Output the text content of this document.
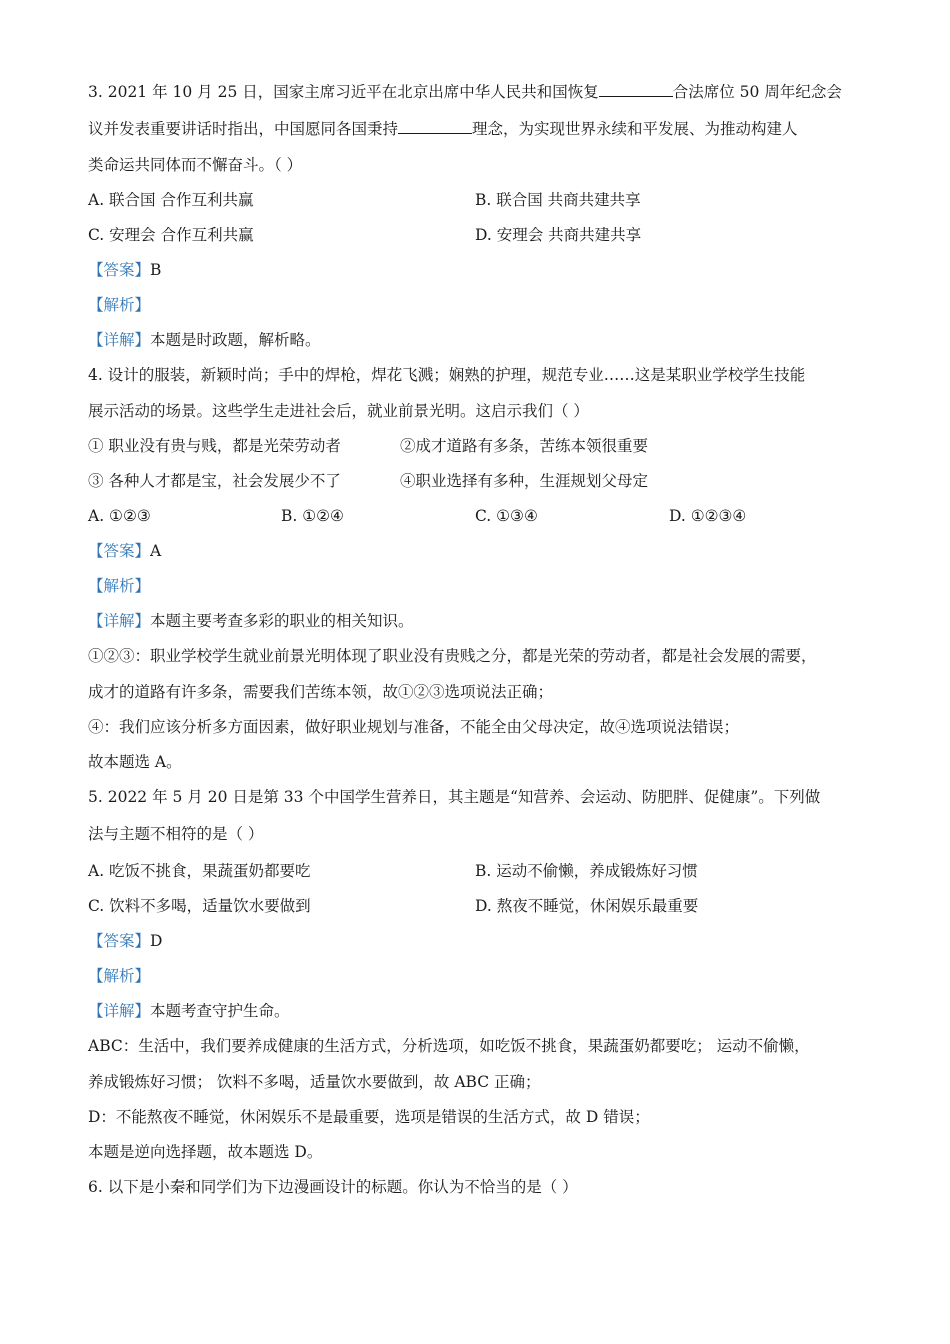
3. 2021 年 10 月 25 日，国家主席习近平在北京出席中华人民共和国恢复	合法席位 50 周年纪念会
议并发表重要讲话时指出，中国愿同各国秉持	理念，为实现世界永续和平发展、为推动构建人
类命运共同体而不懈奋斗。（ ）
A. 联合国 合作互利共赢	B. 联合国 共商共建共享
C. 安理会 合作互利共赢	D. 安理会 共商共建共享
【答案】B
【解析】
【详解】本题是时政题，解析略。
4. 设计的服装，新颖时尚；手中的焊枪，焊花飞溅；娴熟的护理，规范专业……这是某职业学校学生技能
展示活动的场景。这些学生走进社会后，就业前景光明。这启示我们（ ）
① 职业没有贵与贱，都是光荣劳动者	②成才道路有多条，苦练本领很重要
③ 各种人才都是宝，社会发展少不了	④职业选择有多种，生涯规划父母定
A. ①②③	B. ①②④	C. ①③④	D. ①②③④
【答案】A
【解析】
【详解】本题主要考查多彩的职业的相关知识。
①②③：职业学校学生就业前景光明体现了职业没有贵贱之分，都是光荣的劳动者，都是社会发展的需要，
成才的道路有许多条，需要我们苦练本领，故①②③选项说法正确；
④：我们应该分析多方面因素，做好职业规划与准备，不能全由父母决定，故④选项说法错误；
故本题选 A。
5. 2022 年 5 月 20 日是第 33 个中国学生营养日，其主题是“知营养、会运动、防肥胖、促健康”。下列做
法与主题不相符的是（ ）
A. 吃饭不挑食，果蔬蛋奶都要吃	B. 运动不偷懒，养成锻炼好习惯
C. 饮料不多喝，适量饮水要做到	D. 熬夜不睡觉，休闲娱乐最重要
【答案】D
【解析】
【详解】本题考查守护生命。
ABC：生活中，我们要养成健康的生活方式，分析选项，如吃饭不挑食，果蔬蛋奶都要吃； 运动不偷懒，
养成锻炼好习惯； 饮料不多喝，适量饮水要做到，故 ABC 正确；
D：不能熬夜不睡觉，休闲娱乐不是最重要，选项是错误的生活方式，故 D 错误；
本题是逆向选择题，故本题选 D。
6. 以下是小秦和同学们为下边漫画设计的标题。你认为不恰当的是（ ）
